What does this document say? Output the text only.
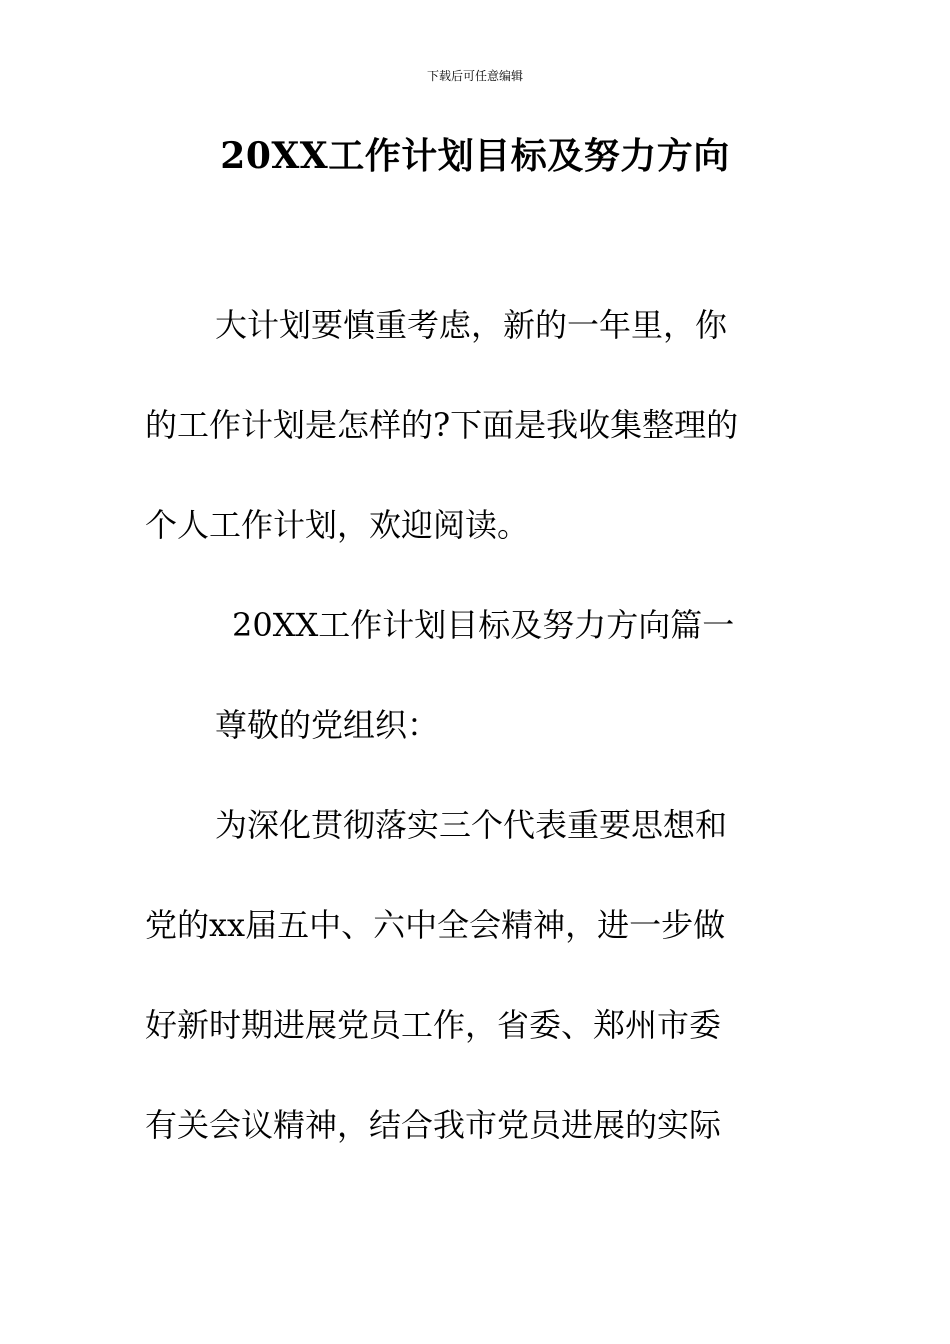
下载后可任意编辑
20XX工作计划目标及努力方向
大计划要慎重考虑，新的一年里，你
的工作计划是怎样的?下面是我收集整理的
个人工作计划，欢迎阅读。
20XX工作计划目标及努力方向篇一
尊敬的党组织：
为深化贯彻落实三个代表重要思想和
党的xx届五中、六中全会精神，进一步做
好新时期进展党员工作，省委、郑州市委
有关会议精神，结合我市党员进展的实际
